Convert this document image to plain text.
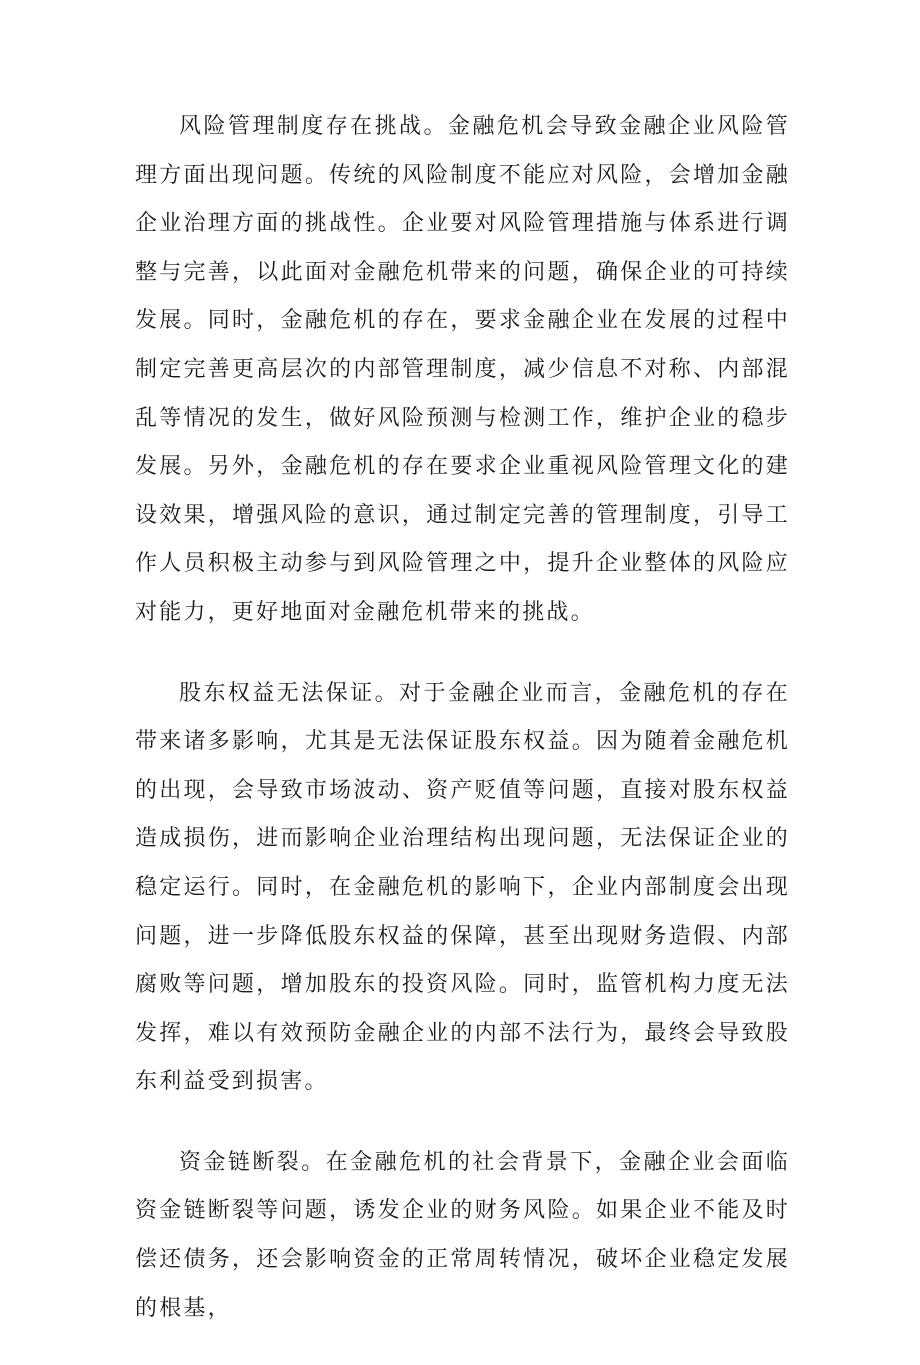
风险管理制度存在挑战。金融危机会导致金融企业风险管理方面出现问题。传统的风险制度不能应对风险，会增加金融企业治理方面的挑战性。企业要对风险管理措施与体系进行调整与完善，以此面对金融危机带来的问题，确保企业的可持续发展。同时，金融危机的存在，要求金融企业在发展的过程中制定完善更高层次的内部管理制度，减少信息不对称、内部混乱等情况的发生，做好风险预测与检测工作，维护企业的稳步发展。另外，金融危机的存在要求企业重视风险管理文化的建设效果，增强风险的意识，通过制定完善的管理制度，引导工作人员积极主动参与到风险管理之中，提升企业整体的风险应对能力，更好地面对金融危机带来的挑战。

股东权益无法保证。对于金融企业而言，金融危机的存在带来诸多影响，尤其是无法保证股东权益。因为随着金融危机的出现，会导致市场波动、资产贬值等问题，直接对股东权益造成损伤，进而影响企业治理结构出现问题，无法保证企业的稳定运行。同时，在金融危机的影响下，企业内部制度会出现问题，进一步降低股东权益的保障，甚至出现财务造假、内部腐败等问题，增加股东的投资风险。同时，监管机构力度无法发挥，难以有效预防金融企业的内部不法行为，最终会导致股东利益受到损害。

资金链断裂。在金融危机的社会背景下，金融企业会面临资金链断裂等问题，诱发企业的财务风险。如果企业不能及时偿还债务，还会影响资金的正常周转情况，破坏企业稳定发展的根基，
